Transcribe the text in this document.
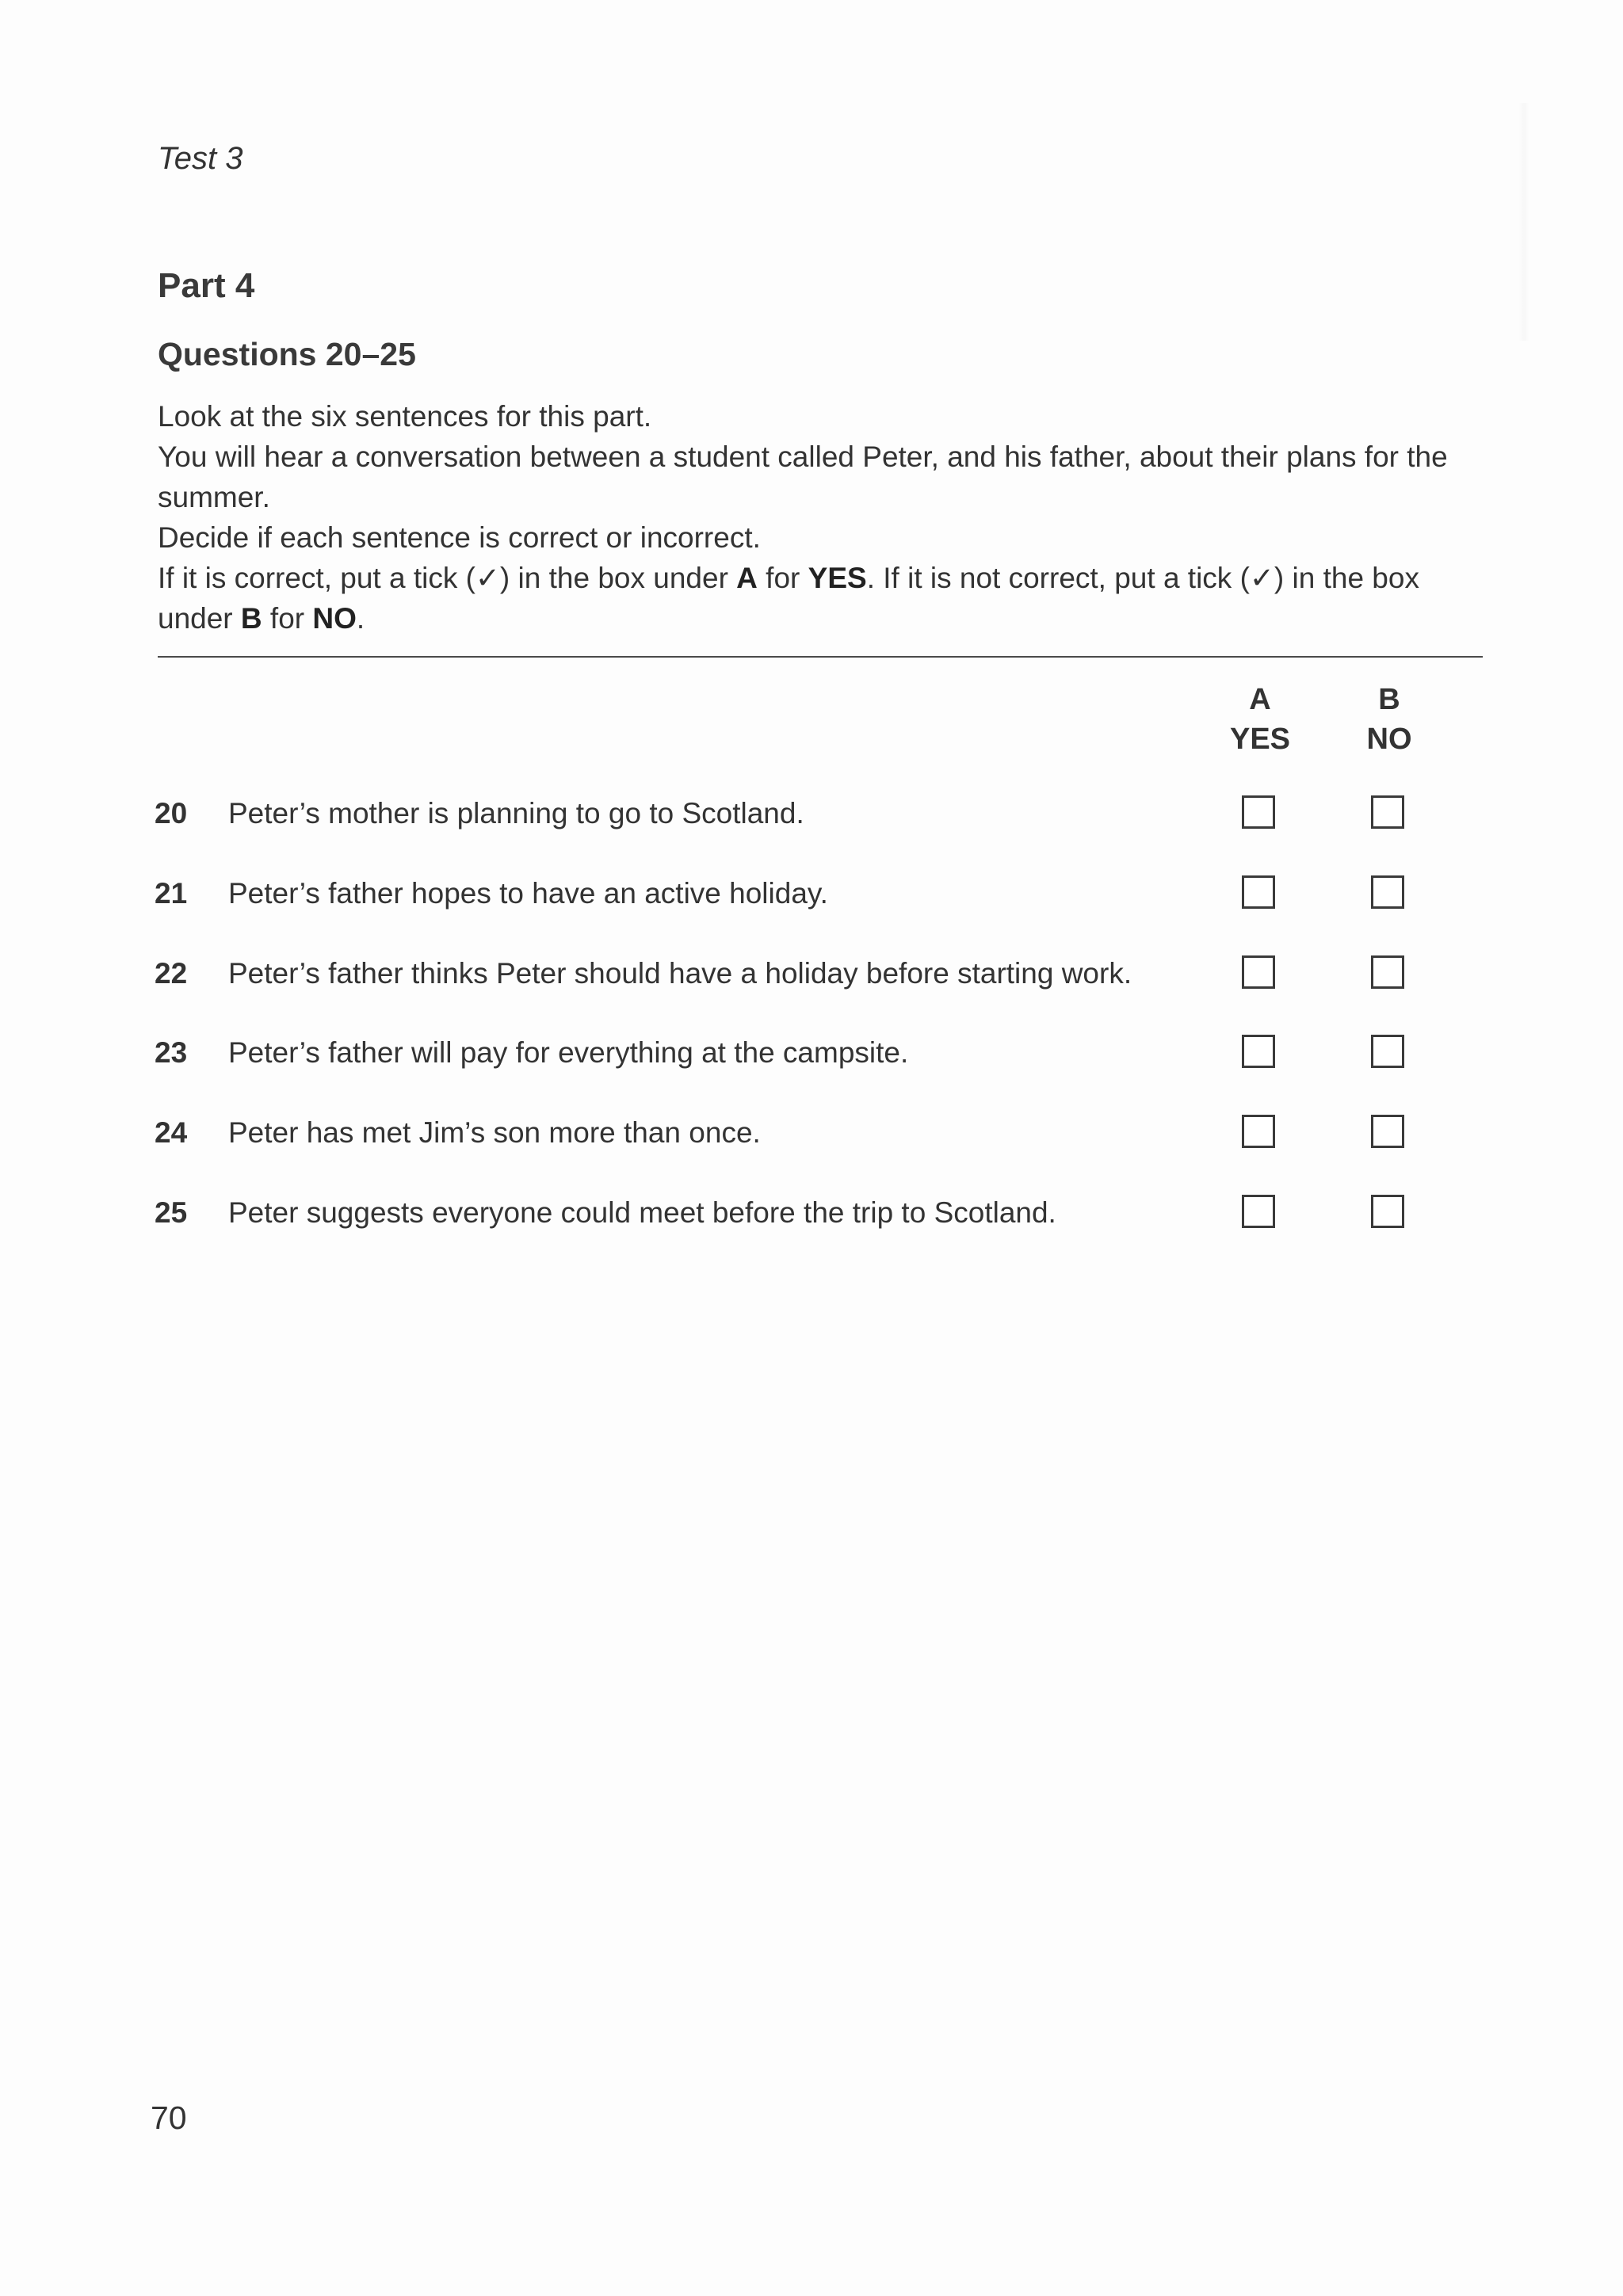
Test 3
Part 4
Questions 20–25

Look at the six sentences for this part.

You will hear a conversation between a student called Peter, and his father, about their plans for the summer.

Decide if each sentence is correct or incorrect.

If it is correct, put a tick (✓) in the box under A for YES. If it is not correct, put a tick (✓) in the box under B for NO.

A
YES
B
NO
20 Peter’s mother is planning to go to Scotland.
21 Peter’s father hopes to have an active holiday.
22 Peter’s father thinks Peter should have a holiday before starting work.
23 Peter’s father will pay for everything at the campsite.
24 Peter has met Jim’s son more than once.
25 Peter suggests everyone could meet before the trip to Scotland.
70
